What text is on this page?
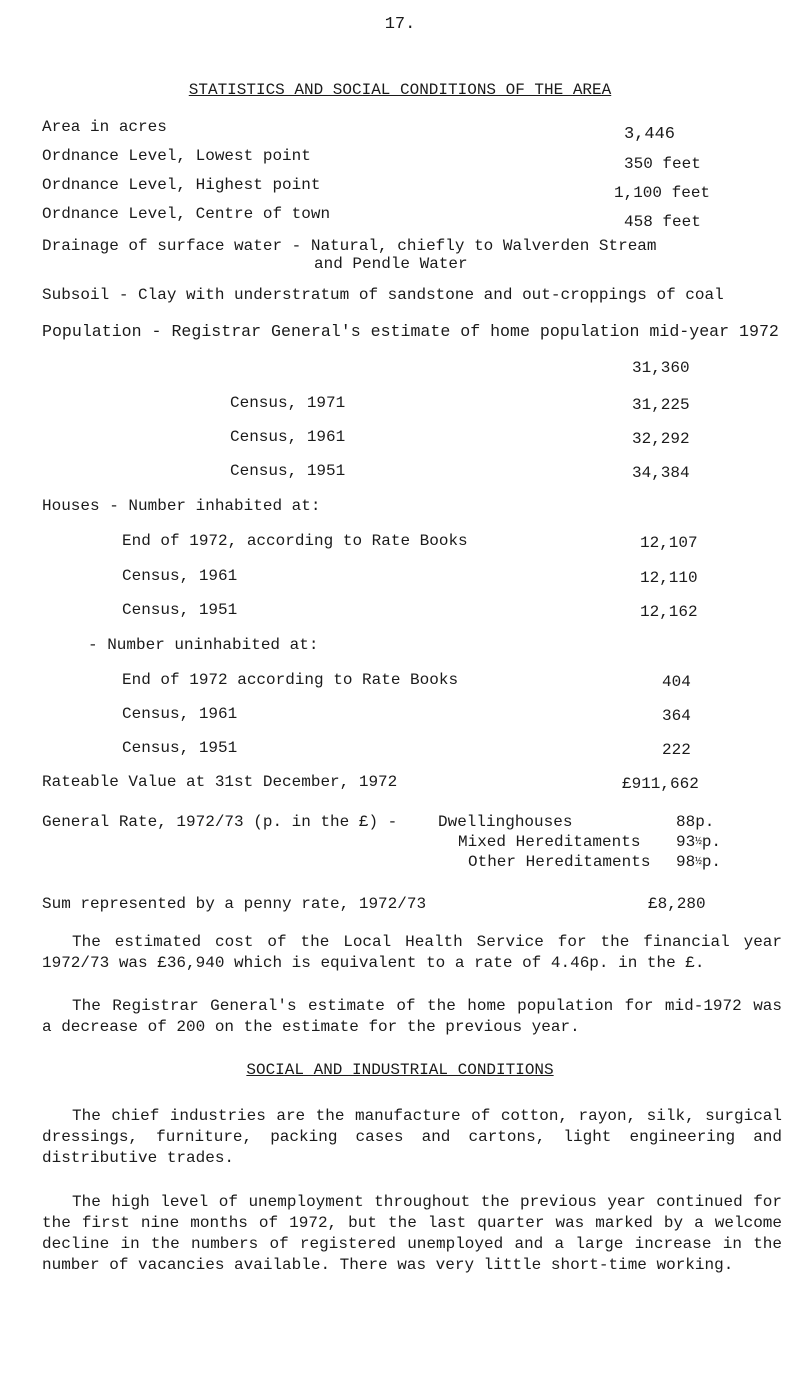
17.
STATISTICS AND SOCIAL CONDITIONS OF THE AREA
Area in acres	3,446
Ordnance Level, Lowest point	350 feet
Ordnance Level, Highest point	1,100 feet
Ordnance Level, Centre of town	458 feet
Drainage of surface water - Natural, chiefly to Walverden Stream
and Pendle Water
Subsoil - Clay with understratum of sandstone and out-croppings of coal
Population - Registrar General's estimate of home population mid-year 1972
31,360
Census, 1971	31,225
Census, 1961	32,292
Census, 1951	34,384
Houses - Number inhabited at:
End of 1972, according to Rate Books	12,107
Census, 1961	12,110
Census, 1951	12,162
- Number uninhabited at:
End of 1972 according to Rate Books	404
Census, 1961	364
Census, 1951	222
Rateable Value at 31st December, 1972	£911,662
General Rate, 1972/73 (p. in the £) -	Dwellinghouses	88p.
Mixed Hereditaments 93½p.
Other Hereditaments 98½p.
Sum represented by a penny rate, 1972/73	£8,280
The estimated cost of the Local Health Service for the financial year 1972/73 was £36,940 which is equivalent to a rate of 4.46p. in the £.
The Registrar General's estimate of the home population for mid-1972 was a decrease of 200 on the estimate for the previous year.
SOCIAL AND INDUSTRIAL CONDITIONS
The chief industries are the manufacture of cotton, rayon, silk, surgical dressings, furniture, packing cases and cartons, light engineering and distributive trades.
The high level of unemployment throughout the previous year continued for the first nine months of 1972, but the last quarter was marked by a welcome decline in the numbers of registered unemployed and a large increase in the number of vacancies available. There was very little short-time working.
